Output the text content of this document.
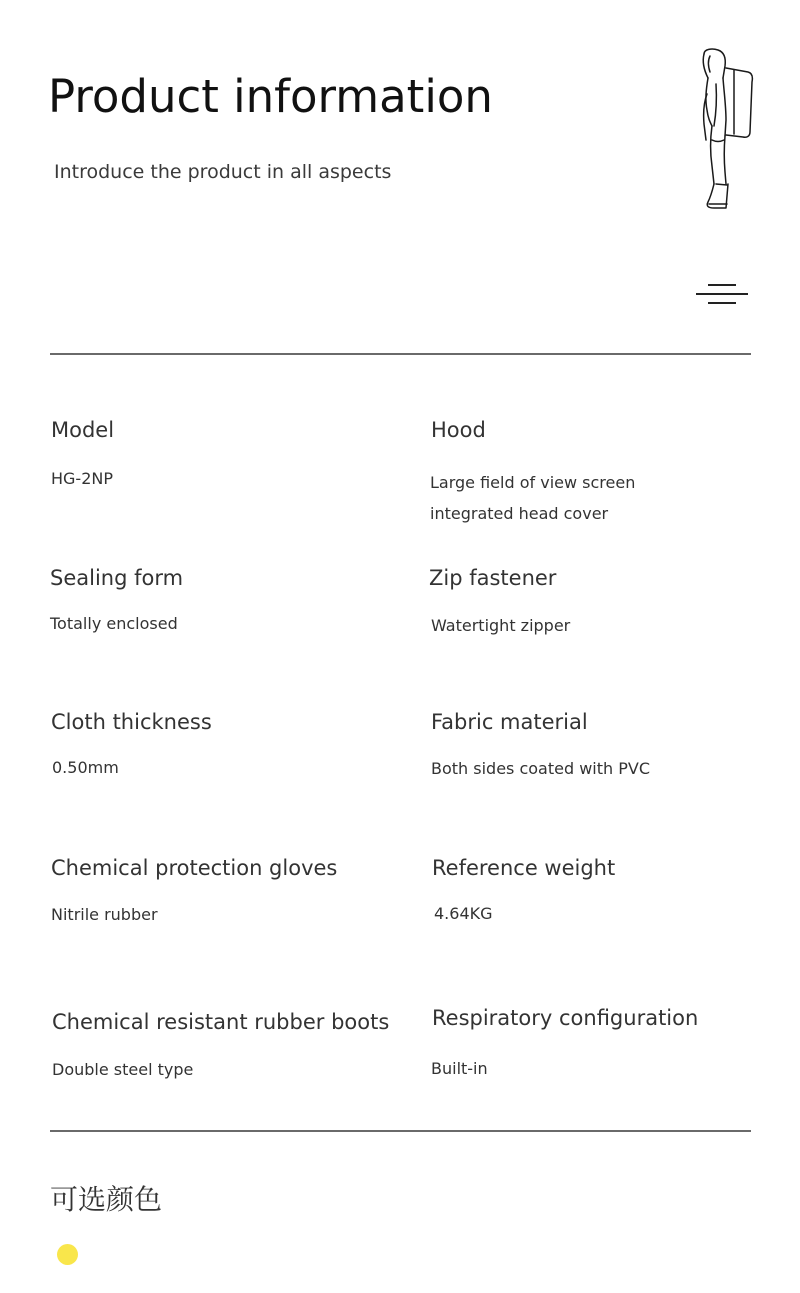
Product information
Introduce the product in all aspects
Model
HG-2NP
Hood
Large field of view screen
integrated head cover
Sealing form
Totally enclosed
Zip fastener
Watertight zipper
Cloth thickness
0.50mm
Fabric material
Both sides coated with PVC
Chemical protection gloves
Nitrile rubber
Reference weight
4.64KG
Chemical resistant rubber boots
Double steel type
Respiratory configuration
Built-in
可选颜色
